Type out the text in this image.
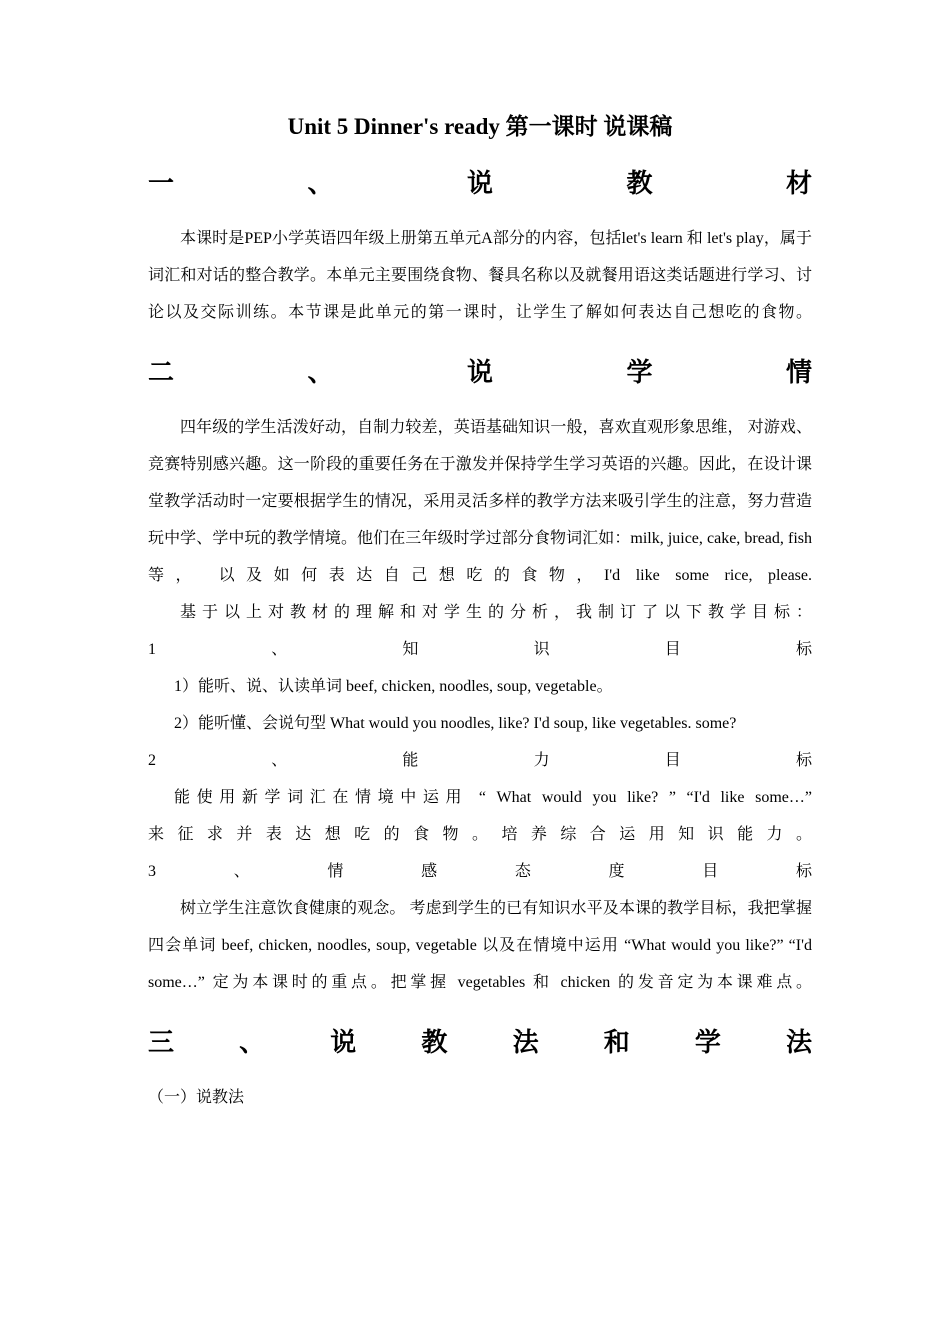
Unit 5 Dinner's ready 第一课时 说课稿
一、说教材

本课时是PEP小学英语四年级上册第五单元A部分的内容，包括let's learn 和 let's play，属于词汇和对话的整合教学。本单元主要围绕食物、餐具名称以及就餐用语这类话题进行学习、讨论以及交际训练。本节课是此单元的第一课时，让学生了解如何表达自己想吃的食物。

二、说学情

四年级的学生活泼好动，自制力较差，英语基础知识一般，喜欢直观形象思维， 对游戏、竞赛特别感兴趣。这一阶段的重要任务在于激发并保持学生学习英语的兴趣。因此，在设计课堂教学活动时一定要根据学生的情况，采用灵活多样的教学方法来吸引学生的注意，努力营造玩中学、学中玩的教学情境。他们在三年级时学过部分食物词汇如：milk, juice, cake, bread, fish 等， 以及如何表达自己想吃的食物，I'd like some rice, please.

基于以上对教材的理解和对学生的分析，我制订了以下教学目标：

1、知识目标

1）能听、说、认读单词 beef, chicken, noodles, soup, vegetable。

2）能听懂、会说句型 What would you noodles, like? I'd soup, like vegetables. some?

2、能力目标

能使用新学词汇在情境中运用 “ What would you like? ” “I'd like some…”

来征求并表达想吃的食物。培养综合运用知识能力。

3、情感态度目标

树立学生注意饮食健康的观念。 考虑到学生的已有知识水平及本课的教学目标，我把掌握四会单词 beef, chicken, noodles, soup, vegetable 以及在情境中运用 “What would you like?” “I'd some…” 定为本课时的重点。把掌握 vegetables 和 chicken 的发音定为本课难点。

三、说教法和学法

（一）说教法
